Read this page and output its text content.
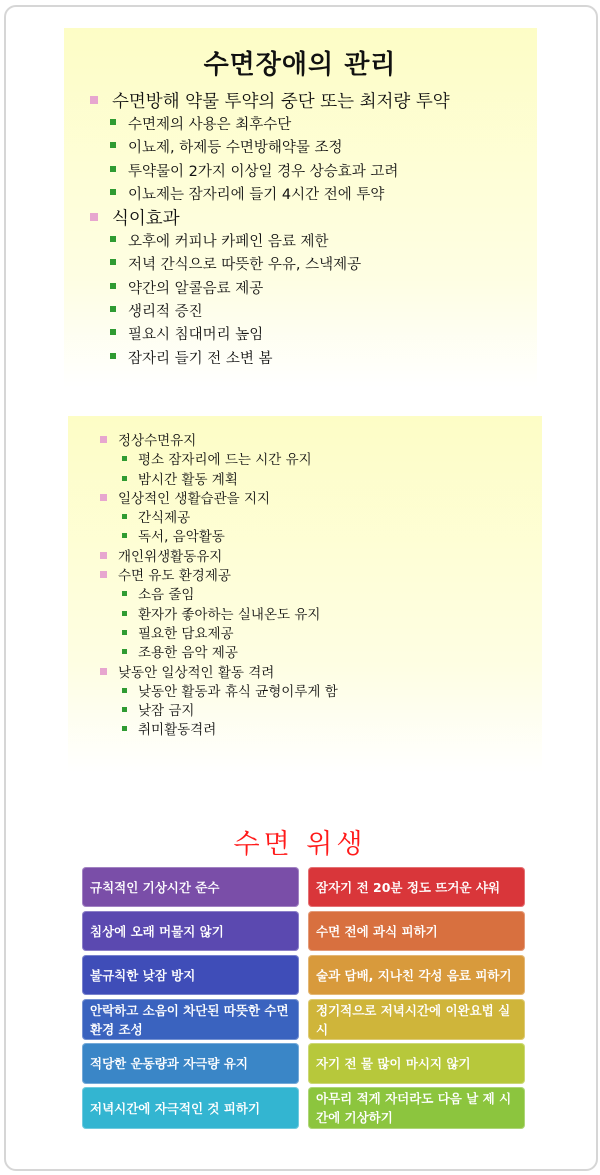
수면장애의 관리
수면방해 약물 투약의 중단 또는 최저량 투약
수면제의 사용은 최후수단
이뇨제, 하제등 수면방해약물 조정
투약물이 2가지 이상일 경우 상승효과 고려
이뇨제는 잠자리에 들기 4시간 전에 투약
식이효과
오후에 커피나 카페인 음료 제한
저녁 간식으로 따뜻한 우유, 스낵제공
약간의 알콜음료 제공
생리적 증진
필요시 침대머리 높임
잠자리 들기 전 소변 봄
정상수면유지
평소 잠자리에 드는 시간 유지
밤시간 활동 계획
일상적인 생활습관을 지지
간식제공
독서, 음악활동
개인위생활동유지
수면 유도 환경제공
소음 줄임
환자가 좋아하는 실내온도 유지
필요한 담요제공
조용한 음악 제공
낮동안 일상적인 활동 격려
낮동안 활동과 휴식 균형이루게 함
낮잠 금지
취미활동격려
수면 위생
규칙적인 기상시간 준수
침상에 오래 머물지 않기
불규칙한 낮잠 방지
안락하고 소음이 차단된 따뜻한 수면환경 조성
적당한 운동량과 자극량 유지
저녁시간에 자극적인 것 피하기
잠자기 전 20분 정도 뜨거운 샤워
수면 전에 과식 피하기
술과 담배, 지나친 각성 음료 피하기
정기적으로 저녁시간에 이완요법 실시
자기 전 물 많이 마시지 않기
아무리 적게 자더라도 다음 날 제 시간에 기상하기
